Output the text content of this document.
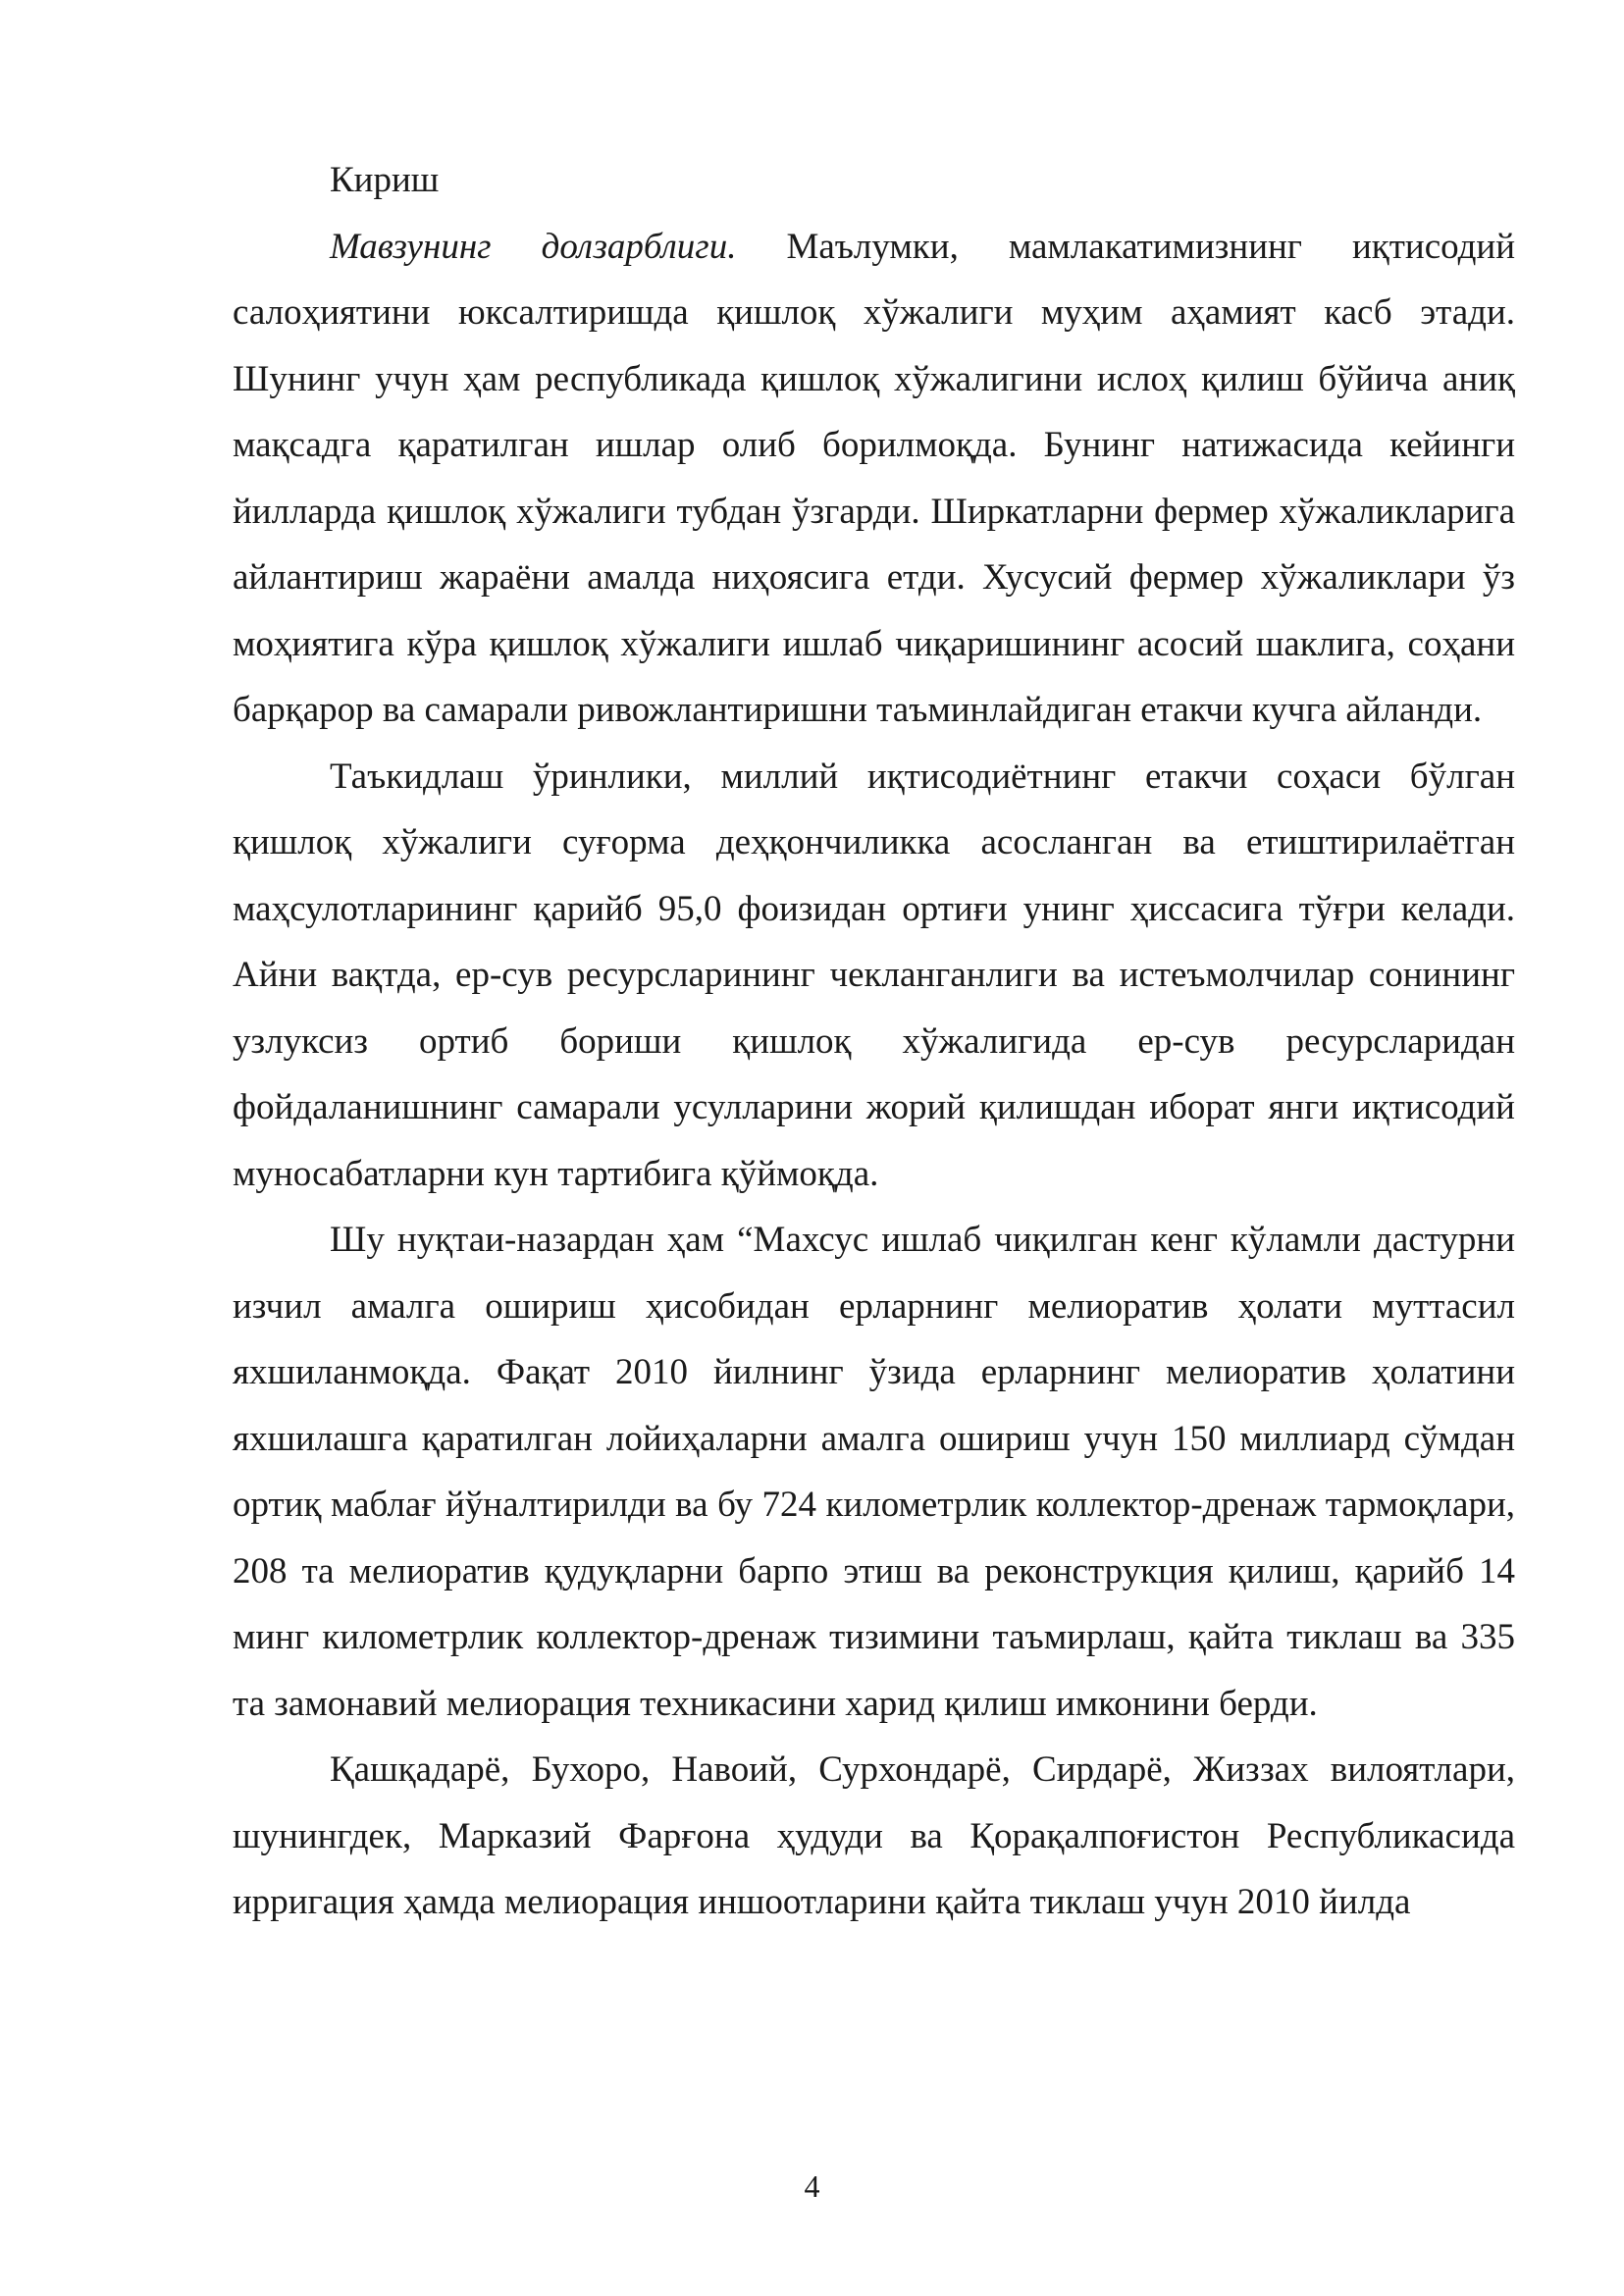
Кириш

Мавзунинг долзарблиги. Маълумки, мамлакатимизнинг иқтисодий салоҳиятини юксалтиришда қишлоқ хўжалиги муҳим аҳамият касб этади. Шунинг учун ҳам республикада қишлоқ хўжалигини ислоҳ қилиш бўйича аниқ мақсадга қаратилган ишлар олиб борилмоқда. Бунинг натижасида кейинги йилларда қишлоқ хўжалиги тубдан ўзгарди. Ширкатларни фермер хўжаликларига айлантириш жараёни амалда ниҳоясига етди. Хусусий фермер хўжаликлари ўз моҳиятига кўра қишлоқ хўжалиги ишлаб чиқаришининг асосий шаклига, соҳани барқарор ва самарали ривожлантиришни таъминлайдиган етакчи кучга айланди.

Таъкидлаш ўринлики, миллий иқтисодиётнинг етакчи соҳаси бўлган қишлоқ хўжалиги суғорма деҳқончиликка асосланган ва етиштирилаётган маҳсулотларининг қарийб 95,0 фоизидан ортиғи унинг ҳиссасига тўғри келади. Айни вақтда, ер-сув ресурсларининг чекланганлиги ва истеъмолчилар сонининг узлуксиз ортиб бориши қишлоқ хўжалигида ер-сув ресурсларидан фойдаланишнинг самарали усулларини жорий қилишдан иборат янги иқтисодий муносабатларни кун тартибига қўймоқда.

Шу нуқтаи-назардан ҳам “Махсус ишлаб чиқилган кенг кўламли дастурни изчил амалга ошириш ҳисобидан ерларнинг мелиоратив ҳолати муттасил яхшиланмоқда. Фақат 2010 йилнинг ўзида ерларнинг мелиоратив ҳолатини яхшилашга қаратилган лойиҳаларни амалга ошириш учун 150 миллиард сўмдан ортиқ маблағ йўналтирилди ва бу 724 километрлик коллектор-дренаж тармоқлари, 208 та мелиоратив қудуқларни барпо этиш ва реконструкция қилиш, қарийб 14 минг километрлик коллектор-дренаж тизимини таъмирлаш, қайта тиклаш ва 335 та замонавий мелиорация техникасини харид қилиш имконини берди.

Қашқадарё, Бухоро, Навоий, Сурхондарё, Сирдарё, Жиззах вилоятлари, шунингдек, Марказий Фарғона ҳудуди ва Қорақалпоғистон Республикасида ирригация ҳамда мелиорация иншоотларини қайта тиклаш учун 2010 йилда

4
